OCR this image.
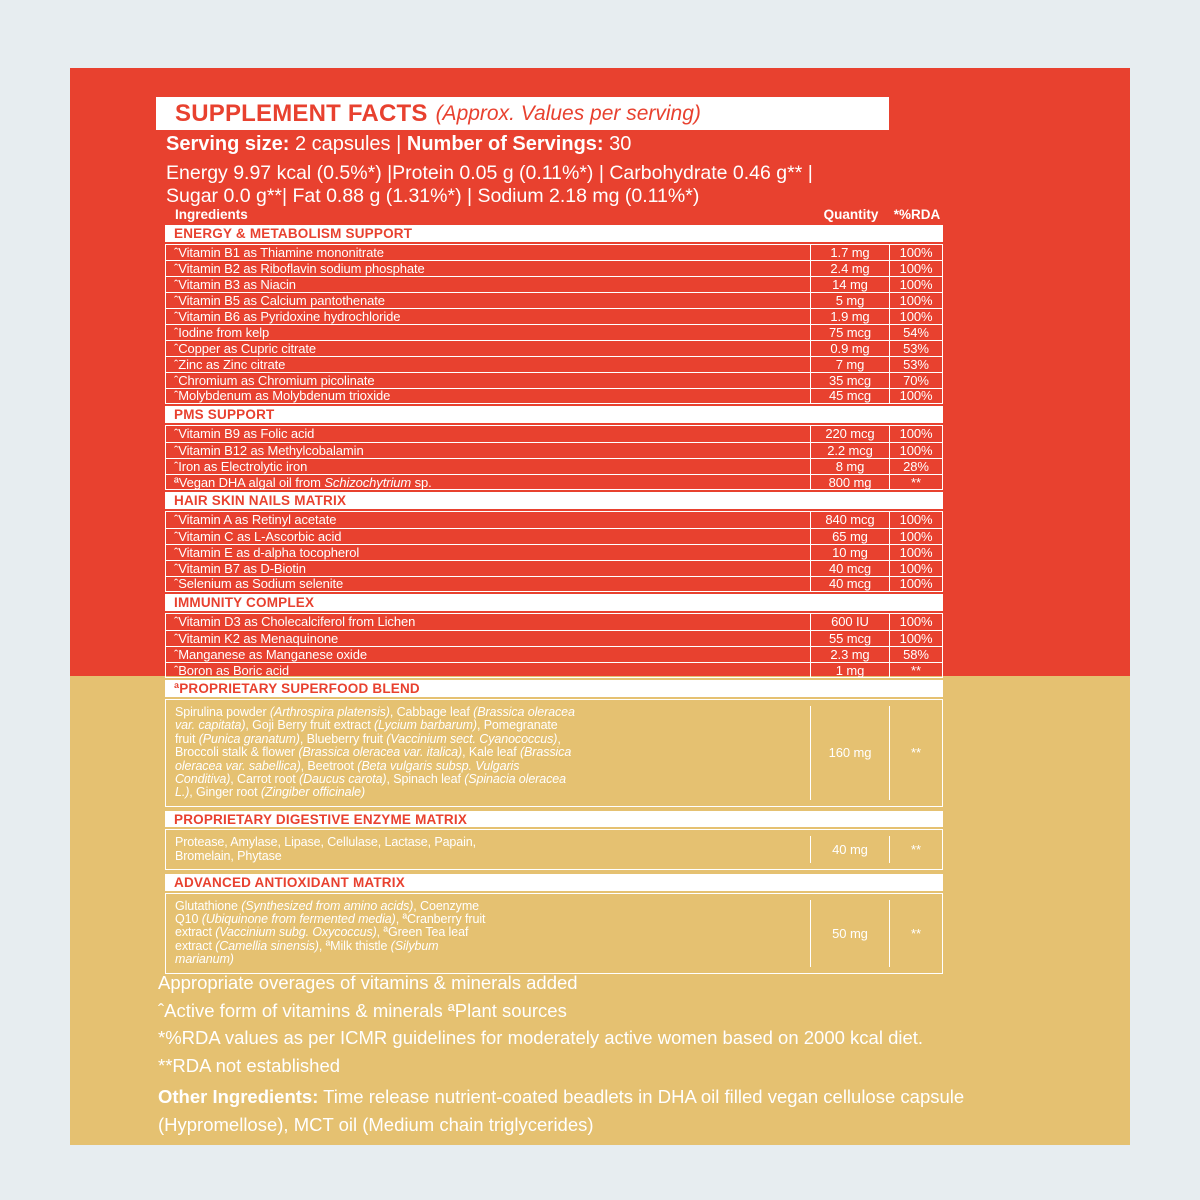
SUPPLEMENT FACTS (Approx. Values per serving)
Serving size: 2 capsules | Number of Servings: 30
Energy 9.97 kcal (0.5%*) |Protein 0.05 g (0.11%*) | Carbohydrate 0.46 g** |
Sugar 0.0 g**| Fat 0.88 g (1.31%*) | Sodium 2.18 mg (0.11%*)
Ingredients	Quantity	*%RDA
ENERGY & METABOLISM SUPPORT
ˆVitamin B1 as Thiamine mononitrate	1.7 mg	100%
ˆVitamin B2 as Riboflavin sodium phosphate	2.4 mg	100%
ˆVitamin B3 as Niacin	14 mg	100%
ˆVitamin B5 as Calcium pantothenate	5 mg	100%
ˆVitamin B6 as Pyridoxine hydrochloride	1.9 mg	100%
ˆIodine from kelp	75 mcg	54%
ˆCopper as Cupric citrate	0.9 mg	53%
ˆZinc as Zinc citrate	7 mg	53%
ˆChromium as Chromium picolinate	35 mcg	70%
ˆMolybdenum as Molybdenum trioxide	45 mcg	100%
PMS SUPPORT
ˆVitamin B9 as Folic acid	220 mcg	100%
ˆVitamin B12 as Methylcobalamin	2.2 mcg	100%
ˆIron as Electrolytic iron	8 mg	28%
ªVegan DHA algal oil from Schizochytrium sp.	800 mg	**
HAIR SKIN NAILS MATRIX
ˆVitamin A as Retinyl acetate	840 mcg	100%
ˆVitamin C as L-Ascorbic acid	65 mg	100%
ˆVitamin E as d-alpha tocopherol	10 mg	100%
ˆVitamin B7 as D-Biotin	40 mcg	100%
ˆSelenium as Sodium selenite	40 mcg	100%
IMMUNITY COMPLEX
ˆVitamin D3 as Cholecalciferol from Lichen	600 IU	100%
ˆVitamin K2 as Menaquinone	55 mcg	100%
ˆManganese as Manganese oxide	2.3 mg	58%
ˆBoron as Boric acid	1 mg	**
ªPROPRIETARY SUPERFOOD BLEND
Spirulina powder (Arthrospira platensis), Cabbage leaf (Brassica oleracea var. capitata), Goji Berry fruit extract (Lycium barbarum), Pomegranate fruit (Punica granatum), Blueberry fruit (Vaccinium sect. Cyanococcus), Broccoli stalk & flower (Brassica oleracea var. italica), Kale leaf (Brassica oleracea var. sabellica), Beetroot (Beta vulgaris subsp. Vulgaris Conditiva), Carrot root (Daucus carota), Spinach leaf (Spinacia oleracea L.), Ginger root (Zingiber officinale)
160 mg	**
PROPRIETARY DIGESTIVE ENZYME MATRIX
Protease, Amylase, Lipase, Cellulase, Lactase, Papain, Bromelain, Phytase	40 mg	**
ADVANCED ANTIOXIDANT MATRIX
Glutathione (Synthesized from amino acids), Coenzyme Q10 (Ubiquinone from fermented media), ªCranberry fruit extract (Vaccinium subg. Oxycoccus), ªGreen Tea leaf extract (Camellia sinensis), ªMilk thistle (Silybum marianum)
50 mg	**
Appropriate overages of vitamins & minerals added
ˆActive form of vitamins & minerals ªPlant sources
*%RDA values as per ICMR guidelines for moderately active women based on 2000 kcal diet.
**RDA not established
Other Ingredients: Time release nutrient-coated beadlets in DHA oil filled vegan cellulose capsule (Hypromellose), MCT oil (Medium chain triglycerides)
